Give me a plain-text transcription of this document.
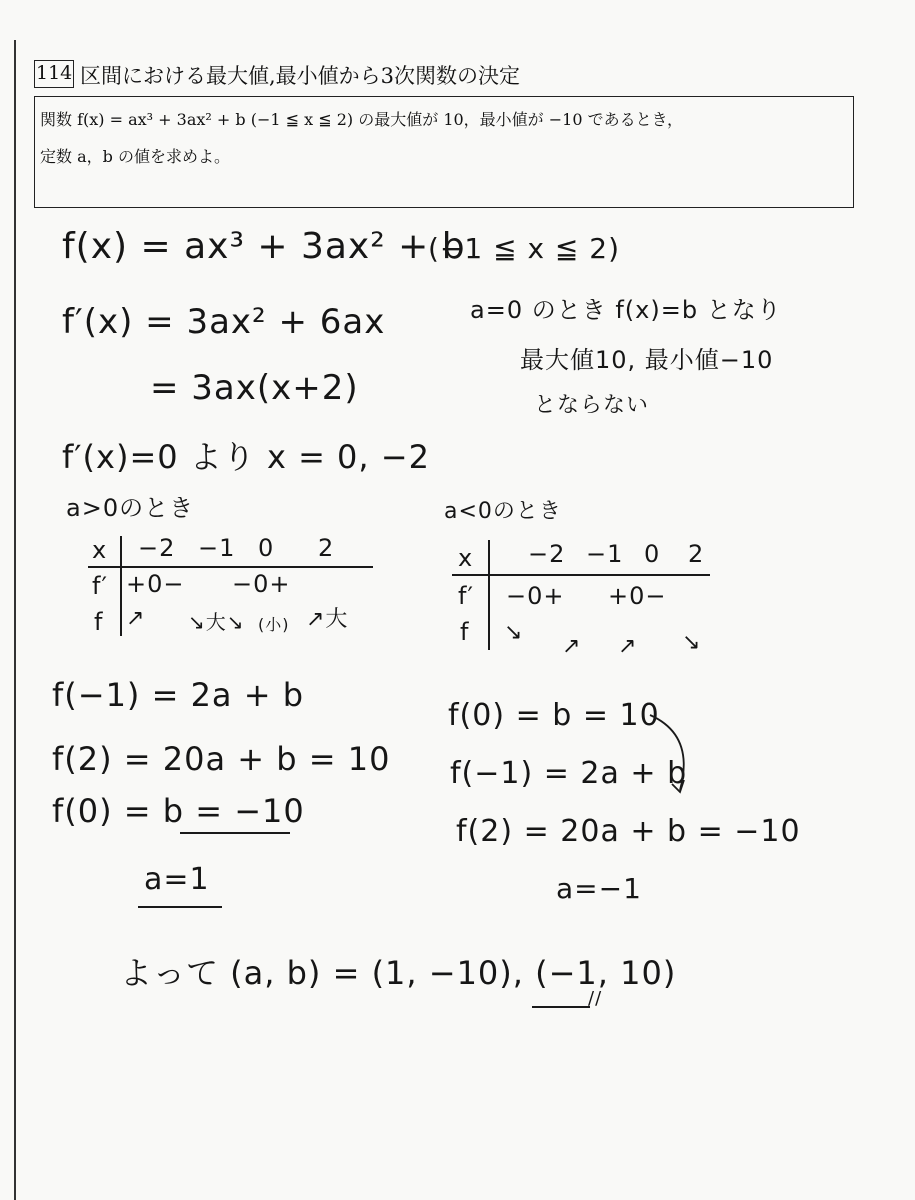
114 区間における最大値,最小値から3次関数の決定
関数 f(x) = ax³ + 3ax² + b (−1 ≦ x ≦ 2) の最大値が 10，最小値が −10 であるとき，
定数 a，b の値を求めよ。
f(x) = ax³ + 3ax² + b
(−1 ≦ x ≦ 2)
f′(x) = 3ax² + 6ax
= 3ax(x+2)
f′(x)=0 より x = 0, −2
a=0 のとき f(x)=b となり
最大値10, 最小値−10
とならない
a>0のとき
x −2 −1 0 2
f′ +0− −0+
f ↗ ↘大↘ (小) ↗大
a<0のとき
x −2 −1 0 2
f′ −0+ +0−
f ↘
↗ ↗ ↘
f(−1) = 2a + b
f(2) = 20a + b = 10
f(0) = b = −10
a=1
f(0) = b = 10
f(−1) = 2a + b
f(2) = 20a + b = −10
a=−1
よって (a, b) = (1, −10), (−1, 10)
//
